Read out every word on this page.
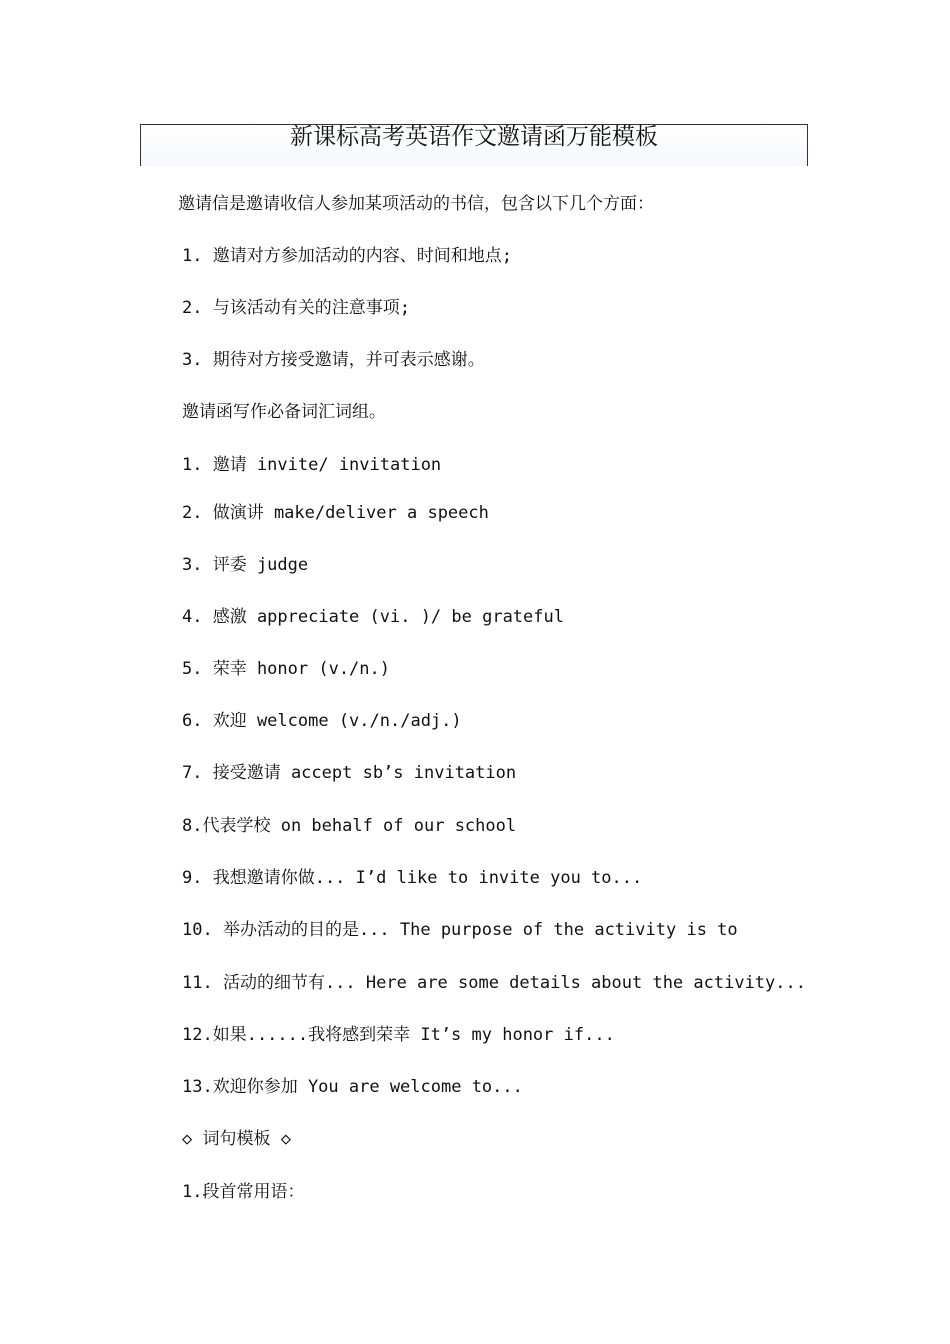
新课标高考英语作文邀请函万能模板
邀请信是邀请收信人参加某项活动的书信，包含以下几个方面：
1. 邀请对方参加活动的内容、时间和地点;
2. 与该活动有关的注意事项;
3. 期待对方接受邀请，并可表示感谢。
邀请函写作必备词汇词组。
1. 邀请 invite/ invitation
2. 做演讲 make/deliver a speech
3. 评委 judge
4. 感激 appreciate (vi. )/ be grateful
5. 荣幸 honor (v./n.)
6. 欢迎 welcome (v./n./adj.)
7. 接受邀请 accept sb’s invitation
8.代表学校 on behalf of our school
9. 我想邀请你做... I’d like to invite you to...
10. 举办活动的目的是... The purpose of the activity is to
11. 活动的细节有... Here are some details about the activity...
12.如果......我将感到荣幸 It’s my honor if...
13.欢迎你参加 You are welcome to...
◇ 词句模板 ◇
1.段首常用语：
